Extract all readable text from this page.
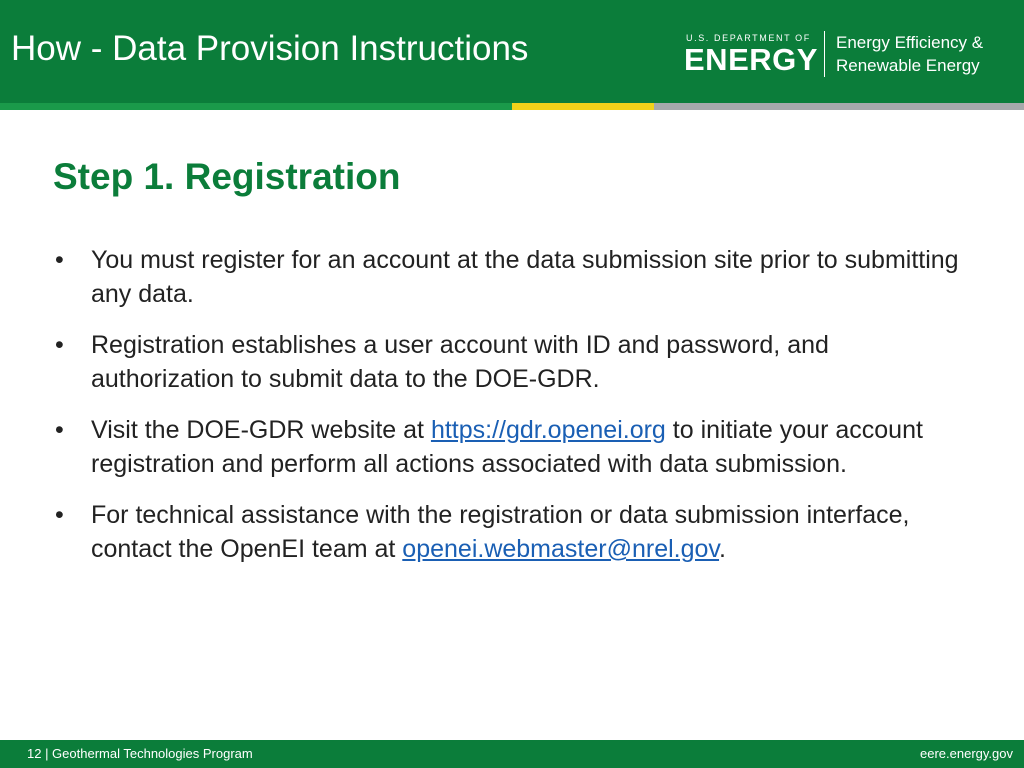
How - Data Provision Instructions	U.S. DEPARTMENT OF
ENERGY Energy Efficiency &
Renewable Energy
Step 1. Registration
• You must register for an account at the data submission site prior to submitting any data.
• Registration establishes a user account with ID and password, and authorization to submit data to the DOE-GDR.
• Visit the DOE-GDR website at https://gdr.openei.org to initiate your account registration and perform all actions associated with data submission.
• For technical assistance with the registration or data submission interface, contact the OpenEI team at openei.webmaster@nrel.gov.
12 | Geothermal Technologies Program	eere.energy.gov
